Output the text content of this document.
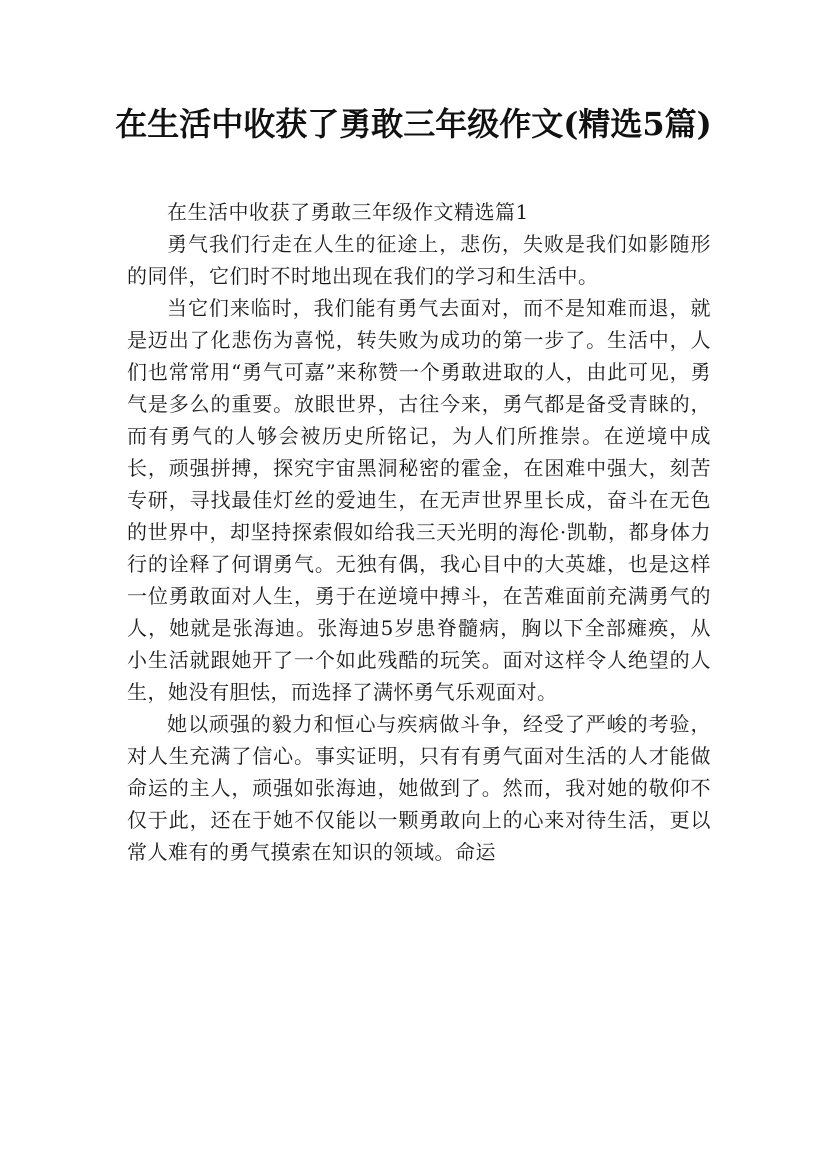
在生活中收获了勇敢三年级作文(精选5篇)
在生活中收获了勇敢三年级作文精选篇1

勇气我们行走在人生的征途上，悲伤，失败是我们如影随形的同伴，它们时不时地出现在我们的学习和生活中。

当它们来临时，我们能有勇气去面对，而不是知难而退，就是迈出了化悲伤为喜悦，转失败为成功的第一步了。生活中，人们也常常用“勇气可嘉”来称赞一个勇敢进取的人，由此可见，勇气是多么的重要。放眼世界，古往今来，勇气都是备受青睐的，而有勇气的人够会被历史所铭记，为人们所推崇。在逆境中成长，顽强拼搏，探究宇宙黑洞秘密的霍金，在困难中强大，刻苦专研，寻找最佳灯丝的爱迪生，在无声世界里长成，奋斗在无色的世界中，却坚持探索假如给我三天光明的海伦·凯勒，都身体力行的诠释了何谓勇气。无独有偶，我心目中的大英雄，也是这样一位勇敢面对人生，勇于在逆境中搏斗，在苦难面前充满勇气的人，她就是张海迪。张海迪5岁患脊髓病，胸以下全部瘫痪，从小生活就跟她开了一个如此残酷的玩笑。面对这样令人绝望的人生，她没有胆怯，而选择了满怀勇气乐观面对。

她以顽强的毅力和恒心与疾病做斗争，经受了严峻的考验，对人生充满了信心。事实证明，只有有勇气面对生活的人才能做命运的主人，顽强如张海迪，她做到了。然而，我对她的敬仰不仅于此，还在于她不仅能以一颗勇敢向上的心来对待生活，更以常人难有的勇气摸索在知识的领域。命运
